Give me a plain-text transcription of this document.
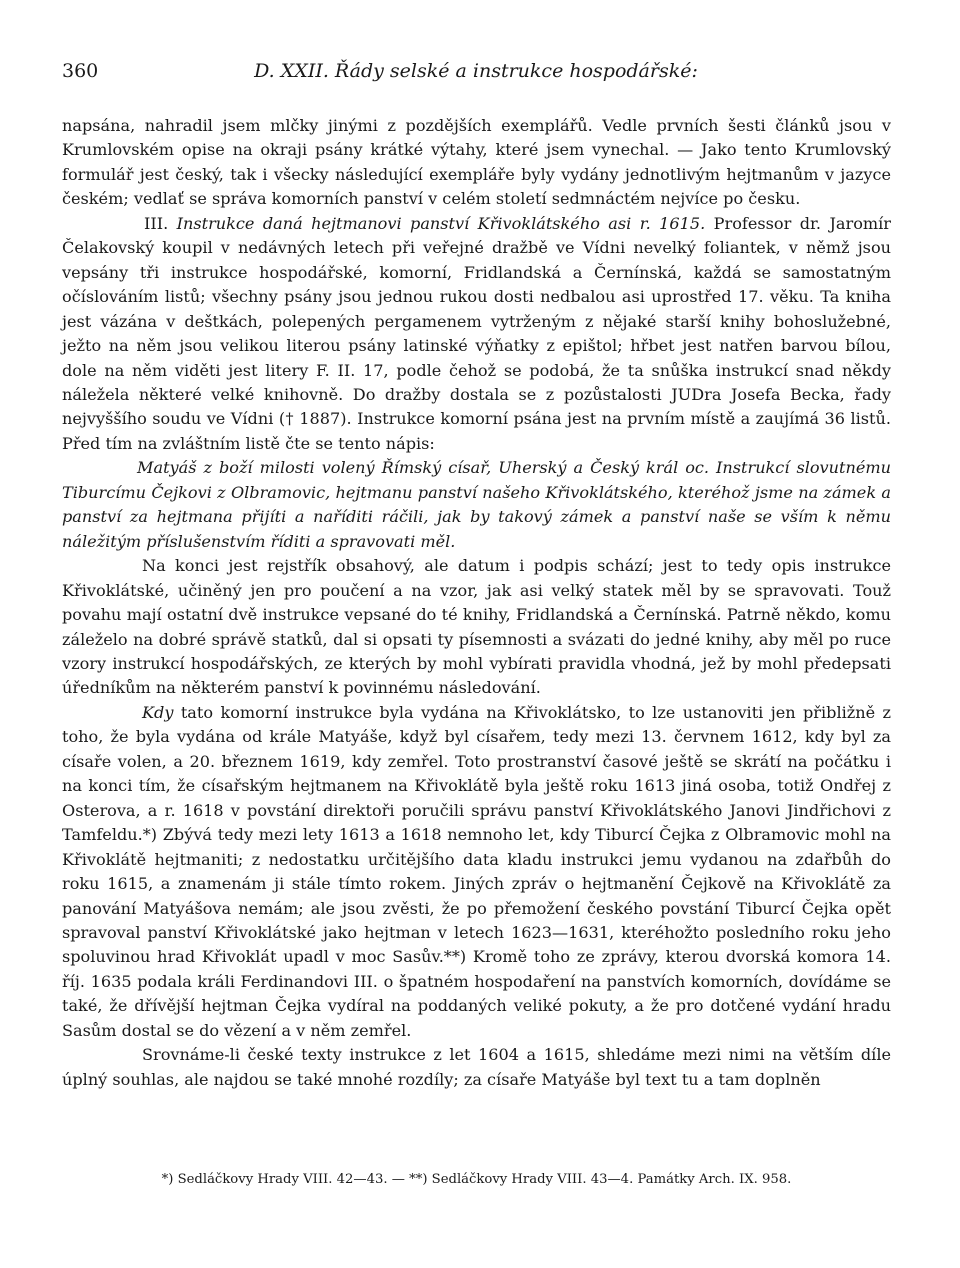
360	D. XXII. Řády selské a instrukce hospodářské:

napsána, nahradil jsem mlčky jinými z pozdějších exemplářů. Vedle prvních šesti článků jsou v Krumlovském opise na okraji psány krátké výtahy, které jsem vynechal. — Jako tento Krumlovský formulář jest český, tak i všecky následující exempláře byly vydány jednotlivým hejtmanům v jazyce českém; vedlať se správa komorních panství v celém století sedmnáctém nejvíce po česku.

III. Instrukce daná hejtmanovi panství Křivoklátského asi r. 1615. Professor dr. Jaromír Čelakovský koupil v nedávných letech při veřejné dražbě ve Vídni nevelký foliantek, v němž jsou vepsány tři instrukce hospodářské, komorní, Fridlandská a Černínská, každá se samostatným očíslováním listů; všechny psány jsou jednou rukou dosti nedbalou asi uprostřed 17. věku. Ta kniha jest vázána v deštkách, polepených pergamenem vytrženým z nějaké starší knihy bohoslužebné, ježto na něm jsou velikou literou psány latinské výňatky z epištol; hřbet jest natřen barvou bílou, dole na něm viděti jest litery F. II. 17, podle čehož se podobá, že ta snůška instrukcí snad někdy náležela některé velké knihovně. Do dražby dostala se z pozůstalosti JUDra Josefa Becka, řady nejvyššího soudu ve Vídni († 1887). Instrukce komorní psána jest na prvním místě a zaujímá 36 listů. Před tím na zvláštním listě čte se tento nápis:

Matyáš z boží milosti volený Římský císař, Uherský a Český král oc. Instrukcí slovutnému Tiburcímu Čejkovi z Olbramovic, hejtmanu panství našeho Křivoklátského, kteréhož jsme na zámek a panství za hejtmana přijíti a naříditi ráčili, jak by takový zámek a panství naše se vším k němu náležitým příslušenstvím říditi a spravovati měl.

Na konci jest rejstřík obsahový, ale datum i podpis schází; jest to tedy opis instrukce Křivoklátské, učiněný jen pro poučení a na vzor, jak asi velký statek měl by se spravovati. Touž povahu mají ostatní dvě instrukce vepsané do té knihy, Fridlandská a Černínská. Patrně někdo, komu záleželo na dobré správě statků, dal si opsati ty písemnosti a svázati do jedné knihy, aby měl po ruce vzory instrukcí hospodářských, ze kterých by mohl vybírati pravidla vhodná, jež by mohl předepsati úředníkům na některém panství k povinnému následování.

Kdy tato komorní instrukce byla vydána na Křivoklátsko, to lze ustanoviti jen přibližně z toho, že byla vydána od krále Matyáše, když byl císařem, tedy mezi 13. červnem 1612, kdy byl za císaře volen, a 20. březnem 1619, kdy zemřel. Toto prostranství časové ještě se skrátí na počátku i na konci tím, že císařským hejtmanem na Křivoklátě byla ještě roku 1613 jiná osoba, totiž Ondřej z Osterova, a r. 1618 v povstání direktoři poručili správu panství Křivoklátského Janovi Jindřichovi z Tamfeldu.*) Zbývá tedy mezi lety 1613 a 1618 nemnoho let, kdy Tiburcí Čejka z Olbramovic mohl na Křivoklátě hejtmaniti; z nedostatku určitějšího data kladu instrukci jemu vydanou na zdařbůh do roku 1615, a znamenám ji stále tímto rokem. Jiných zpráv o hejtmanění Čejkově na Křivoklátě za panování Matyášova nemám; ale jsou zvěsti, že po přemožení českého povstání Tiburcí Čejka opět spravoval panství Křivoklátské jako hejtman v letech 1623—1631, kteréhožto posledního roku jeho spoluvinou hrad Křivoklát upadl v moc Sasův.**) Kromě toho ze zprávy, kterou dvorská komora 14. říj. 1635 podala králi Ferdinandovi III. o špatném hospodaření na panstvích komorních, dovídáme se také, že dřívější hejtman Čejka vydíral na poddaných veliké pokuty, a že pro dotčené vydání hradu Sasům dostal se do vězení a v něm zemřel.

Srovnáme-li české texty instrukce z let 1604 a 1615, shledáme mezi nimi na větším díle úplný souhlas, ale najdou se také mnohé rozdíly; za císaře Matyáše byl text tu a tam doplněn

*) Sedláčkovy Hrady VIII. 42—43. — **) Sedláčkovy Hrady VIII. 43—4. Památky Arch. IX. 958.
